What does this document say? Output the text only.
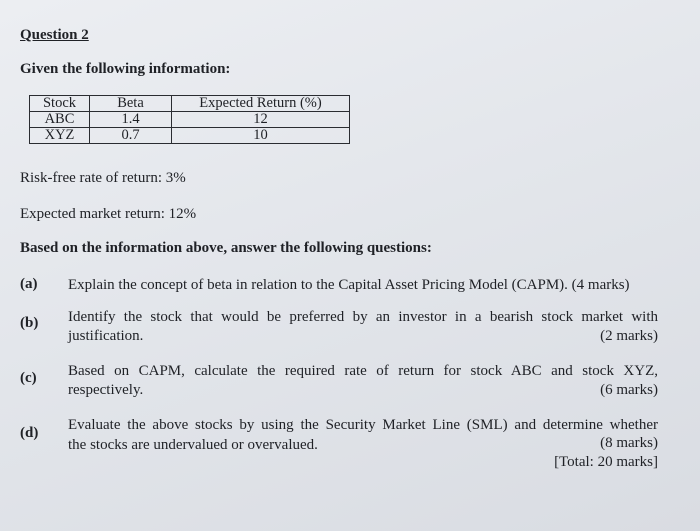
Question 2
Given the following information:
Stock	Beta	Expected Return (%)
ABC	1.4	12
XYZ	0.7	10
Risk-free rate of return: 3%
Expected market return: 12%
Based on the information above, answer the following questions:
(a) Explain the concept of beta in relation to the Capital Asset Pricing Model (CAPM). (4 marks)
(b) Identify the stock that would be preferred by an investor in a bearish stock market with
justification.	(2 marks)
(c) Based on CAPM, calculate the required rate of return for stock ABC and stock XYZ,
respectively.	(6 marks)
(d) Evaluate the above stocks by using the Security Market Line (SML) and determine whether
the stocks are undervalued or overvalued.	(8 marks)
[Total: 20 marks]
